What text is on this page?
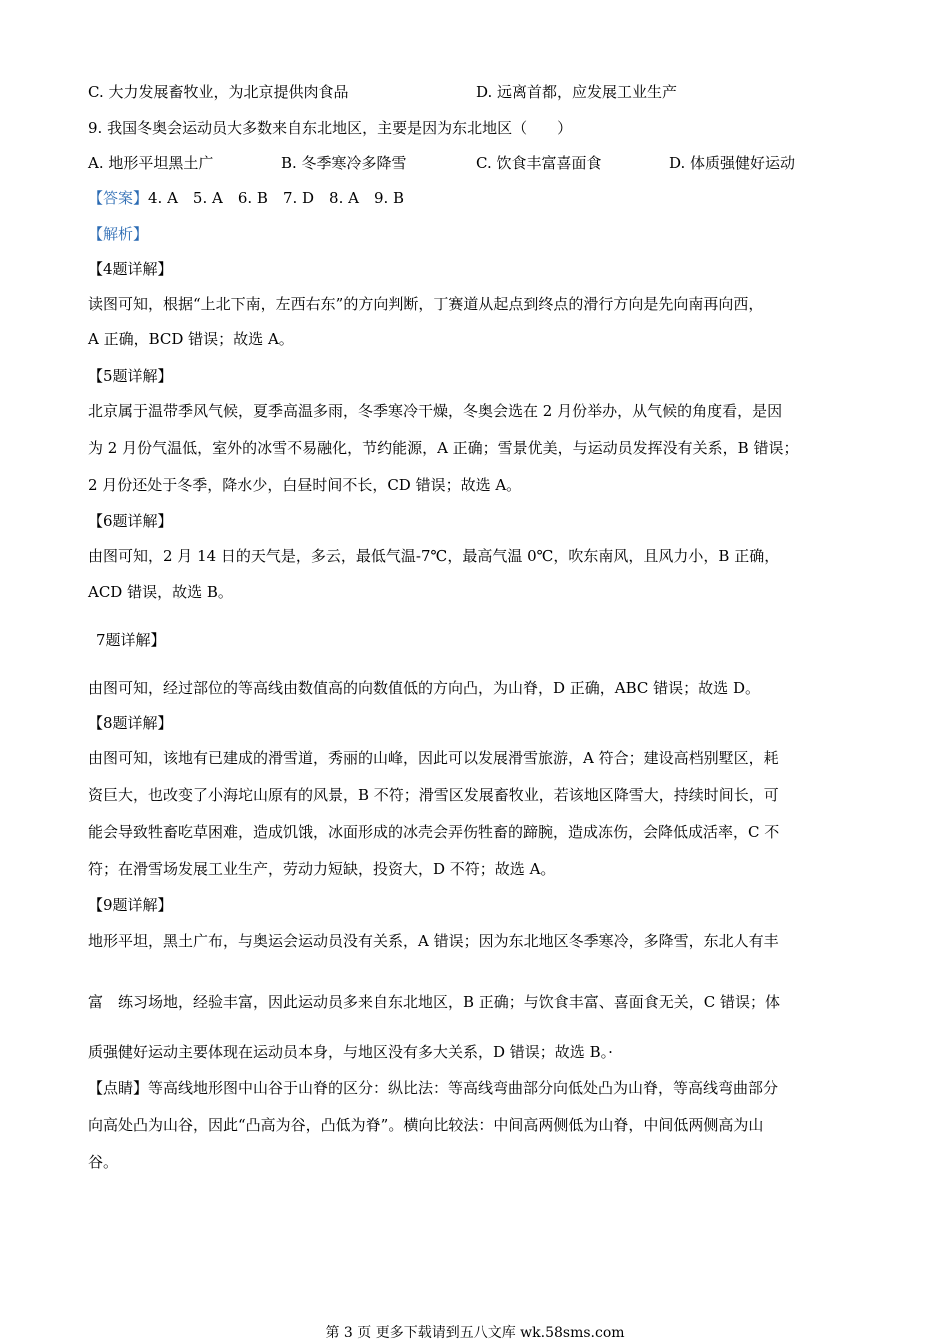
C. 大力发展畜牧业，为北京提供肉食品	D. 远离首都，应发展工业生产
9. 我国冬奥会运动员大多数来自东北地区，主要是因为东北地区（　　）
A. 地形平坦黑土广	B. 冬季寒冷多降雪	C. 饮食丰富喜面食	D. 体质强健好运动
【答案】4. A　5. A　6. B　7. D　8. A　9. B
【解析】
【4题详解】
读图可知，根据“上北下南，左西右东”的方向判断，丁赛道从起点到终点的滑行方向是先向南再向西，
A 正确，BCD 错误；故选 A。
【5题详解】
北京属于温带季风气候，夏季高温多雨，冬季寒冷干燥，冬奥会选在 2 月份举办，从气候的角度看，是因
为 2 月份气温低，室外的冰雪不易融化，节约能源，A 正确；雪景优美，与运动员发挥没有关系，B 错误；
2 月份还处于冬季，降水少，白昼时间不长，CD 错误；故选 A。
【6题详解】
由图可知，2 月 14 日的天气是，多云，最低气温-7℃，最高气温 0℃，吹东南风，且风力小，B 正确，
ACD 错误，故选 B。
7题详解】
由图可知，经过部位的等高线由数值高的向数值低的方向凸，为山脊，D 正确，ABC 错误；故选 D。
【8题详解】
由图可知，该地有已建成的滑雪道，秀丽的山峰，因此可以发展滑雪旅游，A 符合；建设高档别墅区，耗
资巨大，也改变了小海坨山原有的风景，B 不符；滑雪区发展畜牧业，若该地区降雪大，持续时间长，可
能会导致牲畜吃草困难，造成饥饿，冰面形成的冰壳会弄伤牲畜的蹄腕，造成冻伤，会降低成活率，C 不
符；在滑雪场发展工业生产，劳动力短缺，投资大，D 不符；故选 A。
【9题详解】
地形平坦，黑土广布，与奥运会运动员没有关系，A 错误；因为东北地区冬季寒冷，多降雪，东北人有丰
富　练习场地，经验丰富，因此运动员多来自东北地区，B 正确；与饮食丰富、喜面食无关，C 错误；体
质强健好运动主要体现在运动员本身，与地区没有多大关系，D 错误；故选 B。·
【点睛】等高线地形图中山谷于山脊的区分：纵比法：等高线弯曲部分向低处凸为山脊，等高线弯曲部分
向高处凸为山谷，因此“凸高为谷，凸低为脊”。横向比较法：中间高两侧低为山脊，中间低两侧高为山
谷。
第 3 页 更多下载请到五八文库 wk.58sms.com
